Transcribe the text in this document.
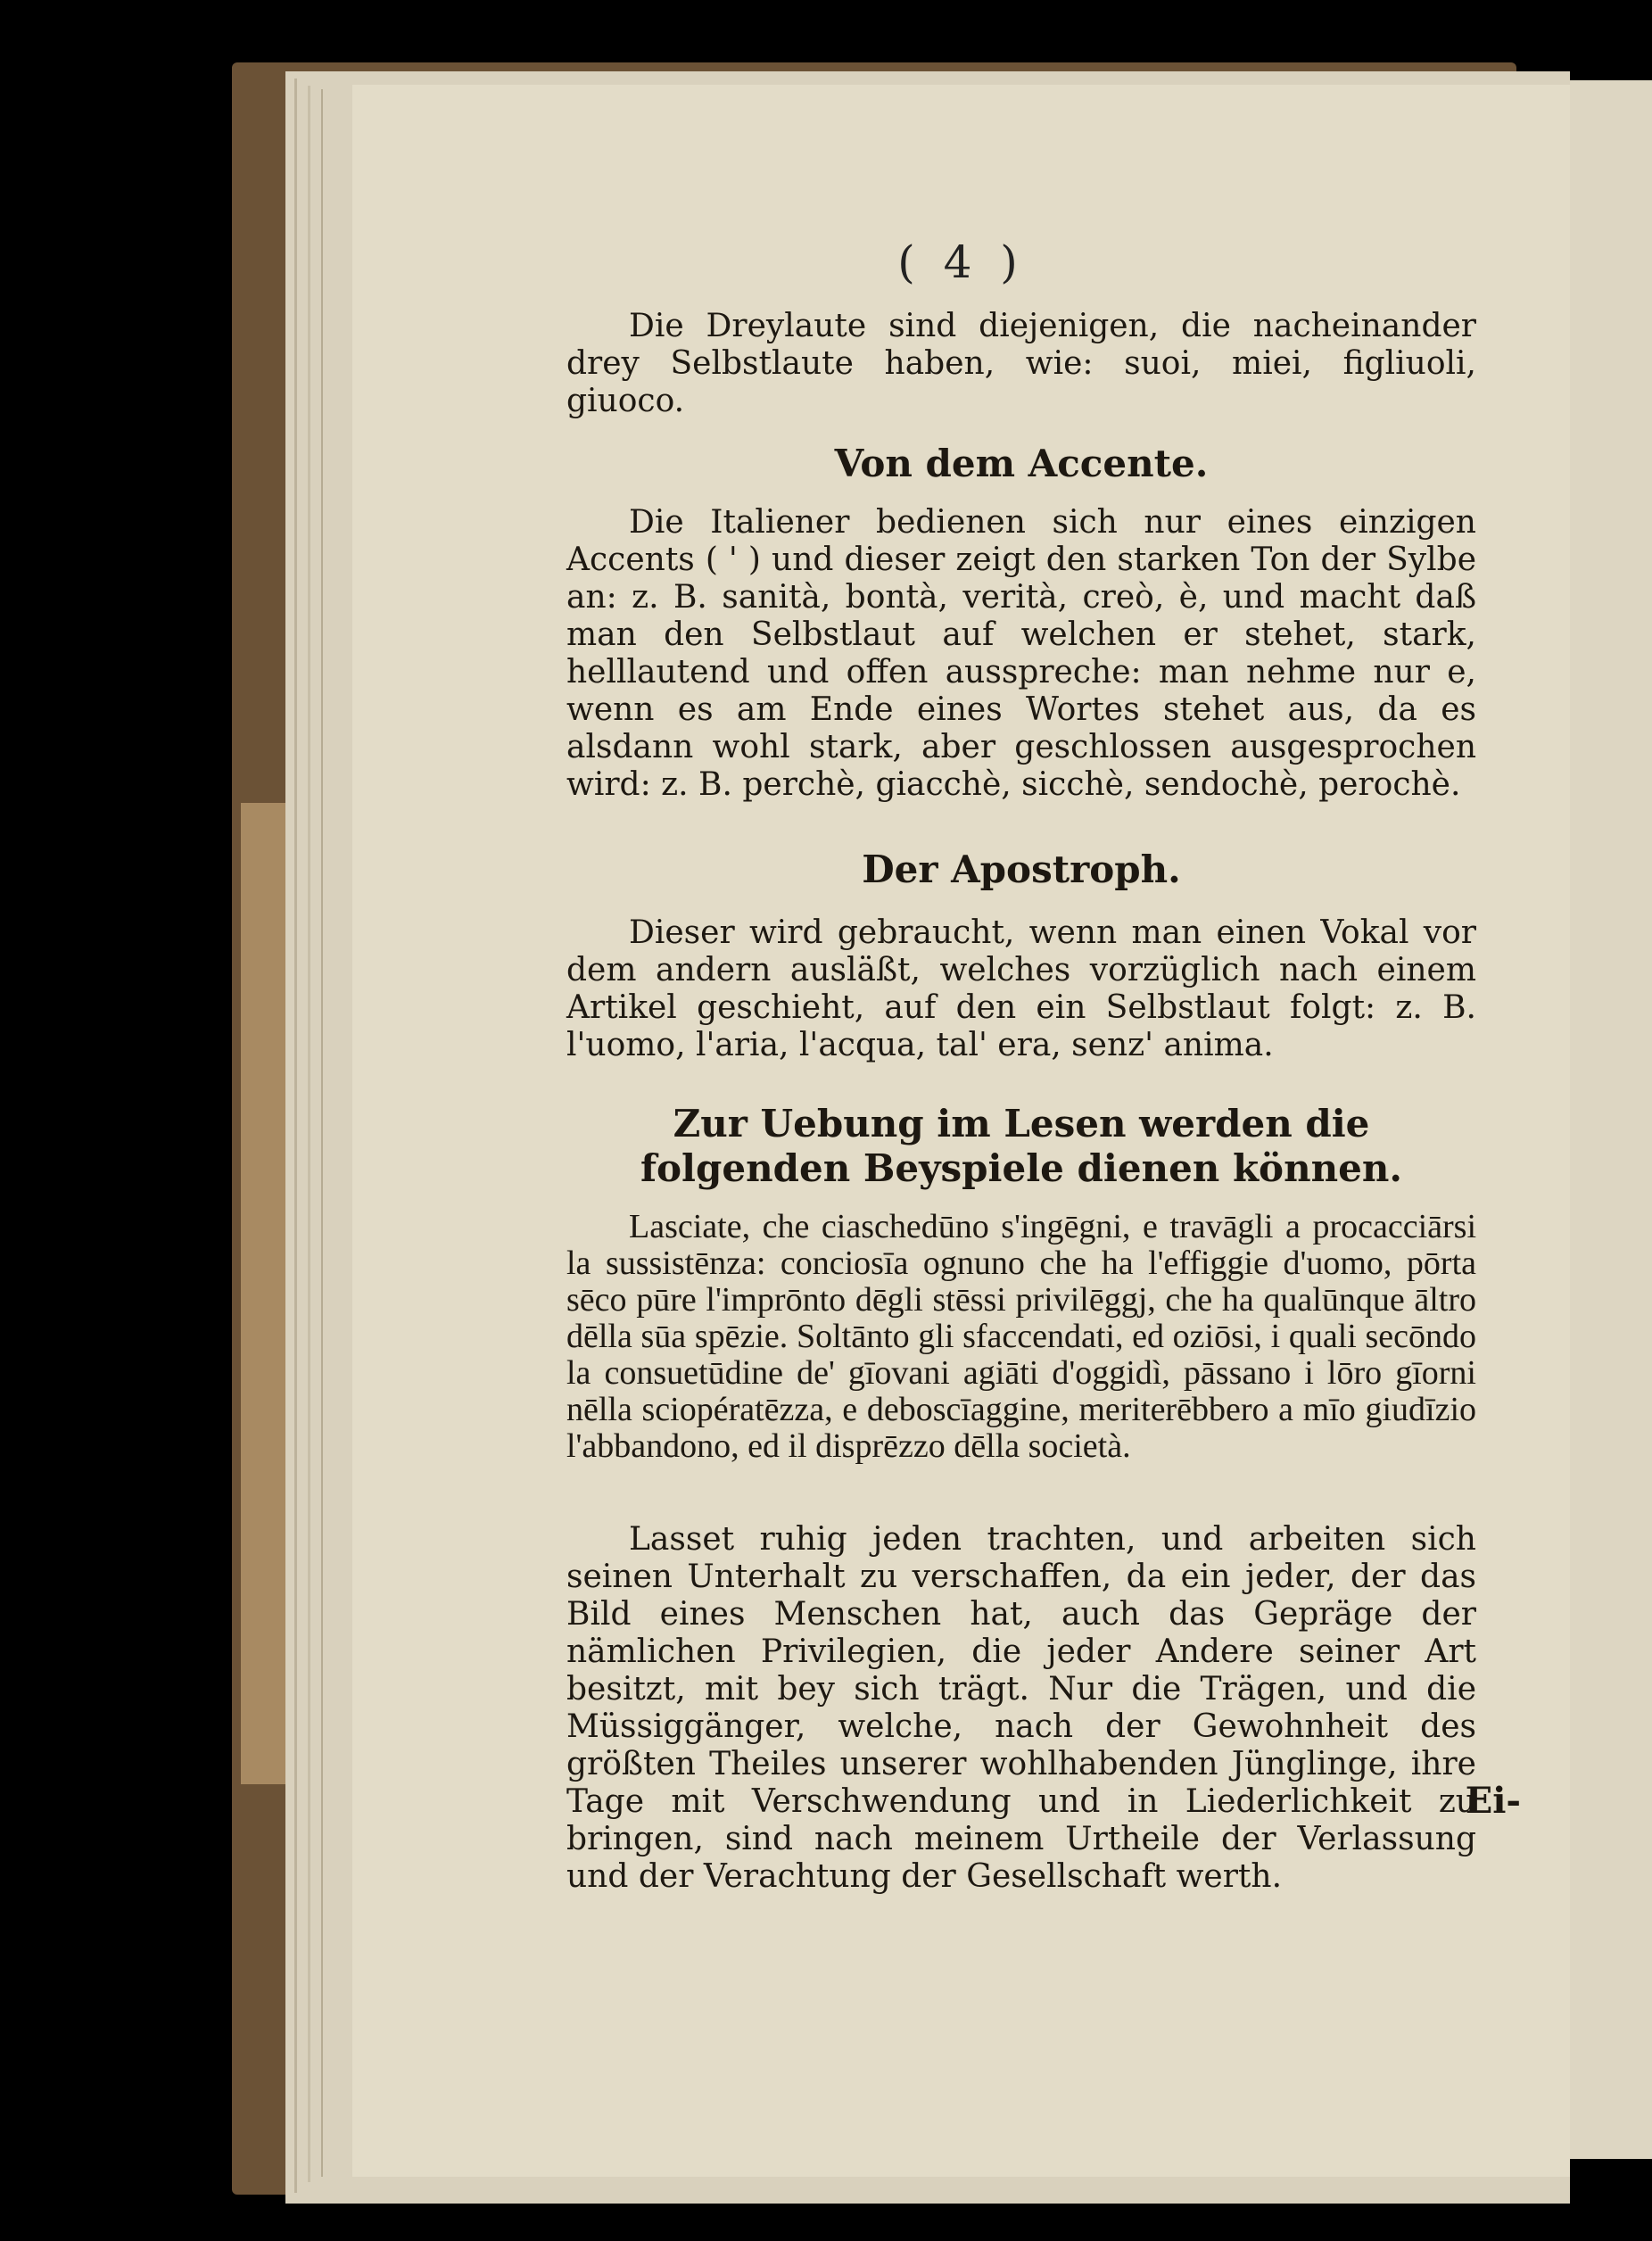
( 4 )

Die Dreylaute sind diejenigen, die nacheinander drey Selbstlaute haben, wie: suoi, miei, figliuoli, giuoco.

Von dem Accente.

Die Italiener bedienen sich nur eines einzigen Accents ( ' ) und dieser zeigt den starken Ton der Sylbe an: z. B. sanità, bontà, verità, creò, è, und macht daß man den Selbstlaut auf welchen er stehet, stark, helllautend und offen ausspreche: man nehme nur e, wenn es am Ende eines Wortes stehet aus, da es alsdann wohl stark, aber geschlossen ausgesprochen wird: z. B. perchè, giacchè, sicchè, sendochè, perochè.

Der Apostroph.

Dieser wird gebraucht, wenn man einen Vokal vor dem andern ausläßt, welches vorzüglich nach einem Artikel geschieht, auf den ein Selbstlaut folgt: z. B. l'uomo, l'aria, l'acqua, tal' era, senz' anima.

Zur Uebung im Lesen werden die folgenden Beyspiele dienen können.

Lasciate, che ciaschedūno s'ingēgni, e travāgli a procacciārsi la sussistēnza: conciosīa ognuno che ha l'effiggie d'uomo, pōrta sēco pūre l'imprōnto dēgli stēssi privilēggj, che ha qualūnque āltro dēlla sūa spēzie. Soltānto gli sfaccendati, ed oziōsi, i quali secōndo la consuetūdine de' gīovani agiāti d'oggidì, pāssano i lōro gīorni nēlla sciopératēzza, e deboscīaggine, meriterēbbero a mīo giudīzio l'abbandono, ed il disprēzzo dēlla società.

Lasset ruhig jeden trachten, und arbeiten sich seinen Unterhalt zu verschaffen, da ein jeder, der das Bild eines Menschen hat, auch das Gepräge der nämlichen Privilegien, die jeder Andere seiner Art besitzt, mit bey sich trägt. Nur die Trägen, und die Müssiggänger, welche, nach der Gewohnheit des größten Theiles unserer wohlhabenden Jünglinge, ihre Tage mit Verschwendung und in Liederlichkeit zu bringen, sind nach meinem Urtheile der Verlassung und der Verachtung der Gesellschaft werth.

Ei-
